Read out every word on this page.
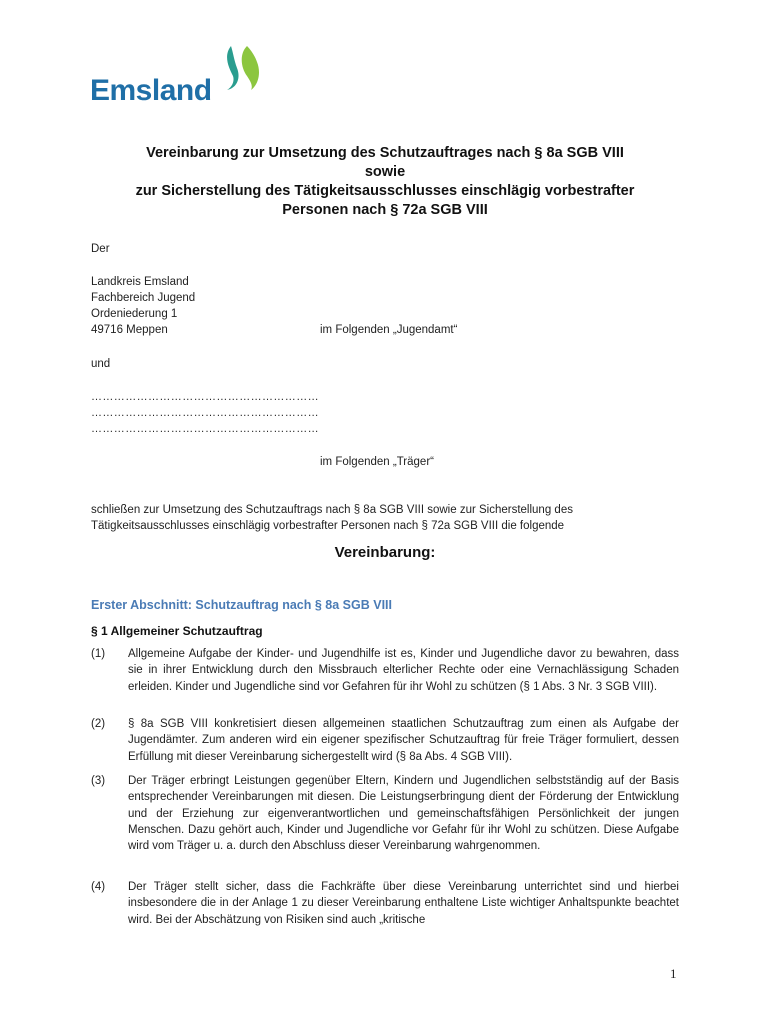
Emsland
Vereinbarung zur Umsetzung des Schutzauftrages nach § 8a SGB VIII
sowie
zur Sicherstellung des Tätigkeitsausschlusses einschlägig vorbestrafter
Personen nach § 72a SGB VIII
Der
Landkreis Emsland
Fachbereich Jugend
Ordeniederung 1
49716 Meppen	im Folgenden „Jugendamt“
und
……………………………………………………
……………………………………………………
……………………………………………………
im Folgenden „Träger“
schließen zur Umsetzung des Schutzauftrags nach § 8a SGB VIII sowie zur Sicherstellung des
Tätigkeitsausschlusses einschlägig vorbestrafter Personen nach § 72a SGB VIII die folgende
Vereinbarung:
Erster Abschnitt: Schutzauftrag nach § 8a SGB VIII
§ 1 Allgemeiner Schutzauftrag
(1) Allgemeine Aufgabe der Kinder- und Jugendhilfe ist es, Kinder und Jugendliche davor zu bewahren, dass sie in ihrer Entwicklung durch den Missbrauch elterlicher Rechte oder eine Vernachlässigung Schaden erleiden. Kinder und Jugendliche sind vor Gefahren für ihr Wohl zu schützen (§ 1 Abs. 3 Nr. 3 SGB VIII).
(2) § 8a SGB VIII konkretisiert diesen allgemeinen staatlichen Schutzauftrag zum einen als Aufgabe der Jugendämter. Zum anderen wird ein eigener spezifischer Schutzauftrag für freie Träger formuliert, dessen Erfüllung mit dieser Vereinbarung sichergestellt wird (§ 8a Abs. 4 SGB VIII).
(3) Der Träger erbringt Leistungen gegenüber Eltern, Kindern und Jugendlichen selbstständig auf der Basis entsprechender Vereinbarungen mit diesen. Die Leistungserbringung dient der Förderung der Entwicklung und der Erziehung zur eigenverantwortlichen und gemeinschaftsfähigen Persönlichkeit der jungen Menschen. Dazu gehört auch, Kinder und Jugendliche vor Gefahr für ihr Wohl zu schützen. Diese Aufgabe wird vom Träger u. a. durch den Abschluss dieser Vereinbarung wahrgenommen.
(4) Der Träger stellt sicher, dass die Fachkräfte über diese Vereinbarung unterrichtet sind und hierbei insbesondere die in der Anlage 1 zu dieser Vereinbarung enthaltene Liste wichtiger Anhaltspunkte beachtet wird. Bei der Abschätzung von Risiken sind auch „kritische
1
